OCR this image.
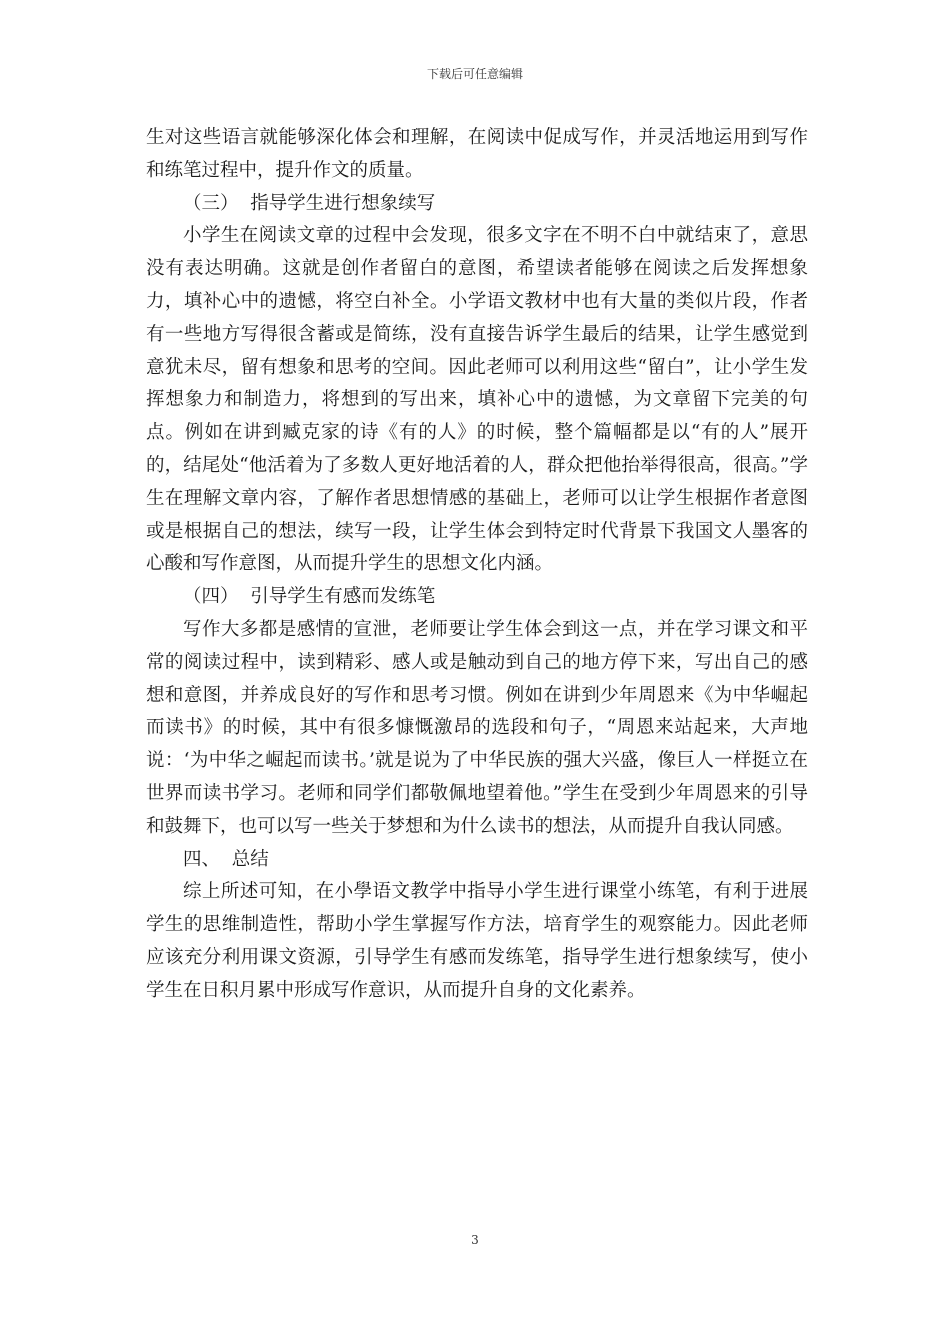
下载后可任意编辑

生对这些语言就能够深化体会和理解，在阅读中促成写作，并灵活地运用到写作和练笔过程中，提升作文的质量。

（三）  指导学生进行想象续写

小学生在阅读文章的过程中会发现，很多文字在不明不白中就结束了，意思没有表达明确。这就是创作者留白的意图，希望读者能够在阅读之后发挥想象力，填补心中的遗憾，将空白补全。小学语文教材中也有大量的类似片段，作者有一些地方写得很含蓄或是简练，没有直接告诉学生最后的结果，让学生感觉到意犹未尽，留有想象和思考的空间。因此老师可以利用这些“留白”，让小学生发挥想象力和制造力，将想到的写出来，填补心中的遗憾，为文章留下完美的句点。例如在讲到臧克家的诗《有的人》的时候，整个篇幅都是以“有的人”展开的，结尾处“他活着为了多数人更好地活着的人，群众把他抬举得很高，很高。”学生在理解文章内容，了解作者思想情感的基础上，老师可以让学生根据作者意图或是根据自己的想法，续写一段，让学生体会到特定时代背景下我国文人墨客的心酸和写作意图，从而提升学生的思想文化内涵。

（四）  引导学生有感而发练笔

写作大多都是感情的宣泄，老师要让学生体会到这一点，并在学习课文和平常的阅读过程中，读到精彩、感人或是触动到自己的地方停下来，写出自己的感想和意图，并养成良好的写作和思考习惯。例如在讲到少年周恩来《为中华崛起而读书》的时候，其中有很多慷慨激昂的选段和句子，“周恩来站起来，大声地说：‘为中华之崛起而读书。’就是说为了中华民族的强大兴盛，像巨人一样挺立在世界而读书学习。老师和同学们都敬佩地望着他。”学生在受到少年周恩来的引导和鼓舞下，也可以写一些关于梦想和为什么读书的想法，从而提升自我认同感。

四、  总结

综上所述可知，在小學语文教学中指导小学生进行课堂小练笔，有利于进展学生的思维制造性，帮助小学生掌握写作方法，培育学生的观察能力。因此老师应该充分利用课文资源，引导学生有感而发练笔，指导学生进行想象续写，使小学生在日积月累中形成写作意识，从而提升自身的文化素养。

3
